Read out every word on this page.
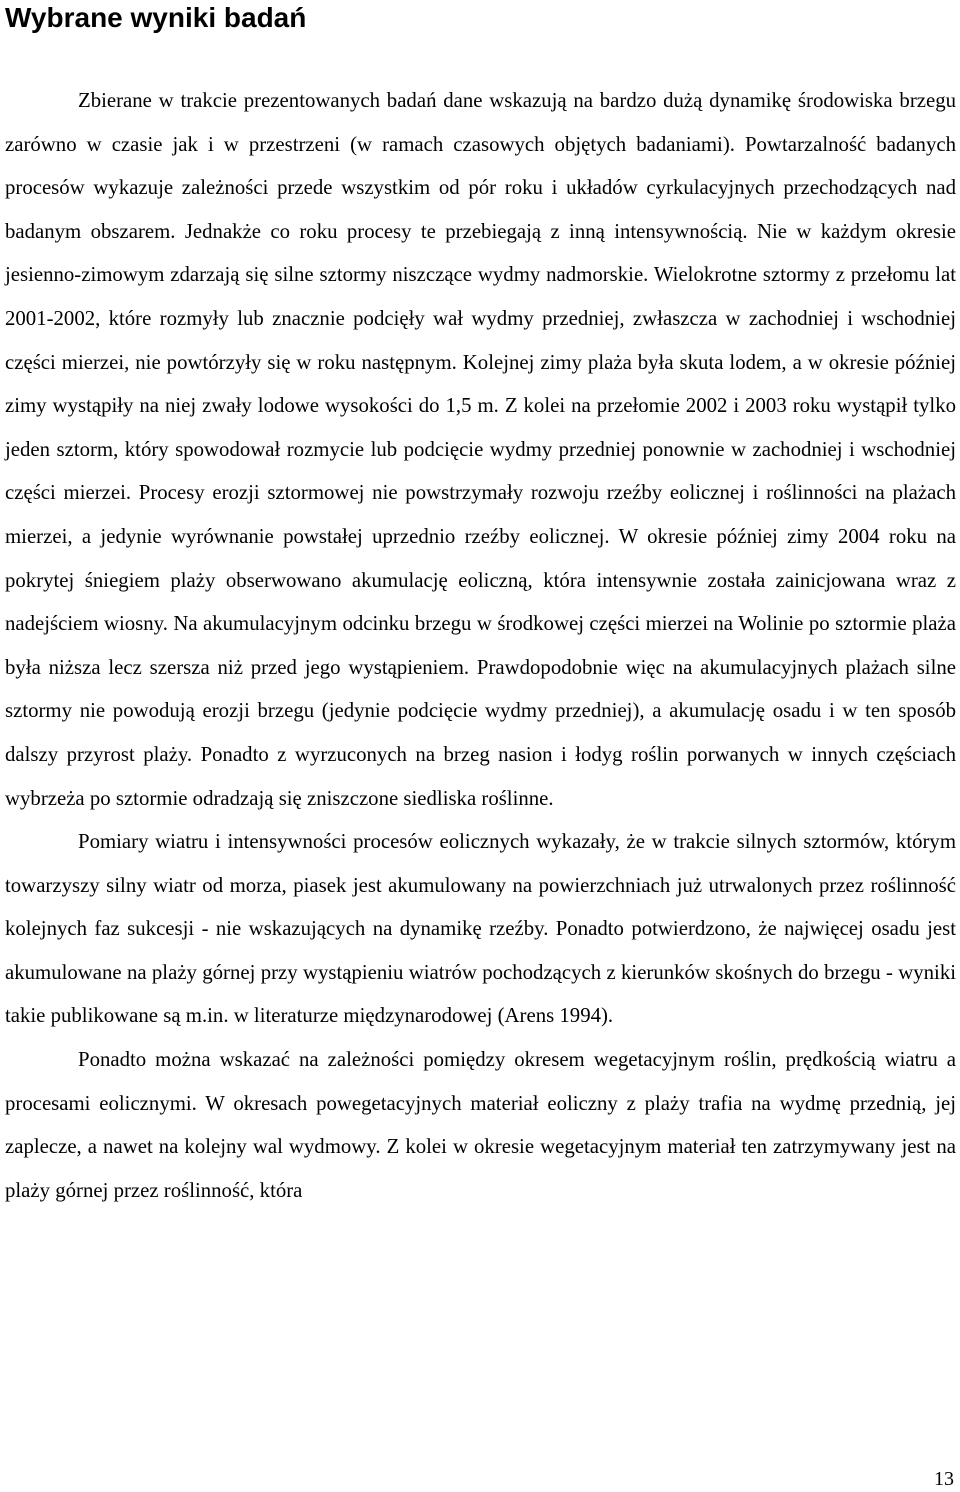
Wybrane wyniki badań

Zbierane w trakcie prezentowanych badań dane wskazują na bardzo dużą dynamikę środowiska brzegu zarówno w czasie jak i w przestrzeni (w ramach czasowych objętych badaniami). Powtarzalność badanych procesów wykazuje zależności przede wszystkim od pór roku i układów cyrkulacyjnych przechodzących nad badanym obszarem. Jednakże co roku procesy te przebiegają z inną intensywnością. Nie w każdym okresie jesienno-zimowym zdarzają się silne sztormy niszczące wydmy nadmorskie. Wielokrotne sztormy z przełomu lat 2001-2002, które rozmyły lub znacznie podcięły wał wydmy przedniej, zwłaszcza w zachodniej i wschodniej części mierzei, nie powtórzyły się w roku następnym. Kolejnej zimy plaża była skuta lodem, a w okresie później zimy wystąpiły na niej zwały lodowe wysokości do 1,5 m. Z kolei na przełomie 2002 i 2003 roku wystąpił tylko jeden sztorm, który spowodował rozmycie lub podcięcie wydmy przedniej ponownie w zachodniej i wschodniej części mierzei. Procesy erozji sztormowej nie powstrzymały rozwoju rzeźby eolicznej i roślinności na plażach mierzei, a jedynie wyrównanie powstałej uprzednio rzeźby eolicznej. W okresie później zimy 2004 roku na pokrytej śniegiem plaży obserwowano akumulację eoliczną, która intensywnie została zainicjowana wraz z nadejściem wiosny. Na akumulacyjnym odcinku brzegu w środkowej części mierzei na Wolinie po sztormie plaża była niższa lecz szersza niż przed jego wystąpieniem. Prawdopodobnie więc na akumulacyjnych plażach silne sztormy nie powodują erozji brzegu (jedynie podcięcie wydmy przedniej), a akumulację osadu i w ten sposób dalszy przyrost plaży. Ponadto z wyrzuconych na brzeg nasion i łodyg roślin porwanych w innych częściach wybrzeża po sztormie odradzają się zniszczone siedliska roślinne.

Pomiary wiatru i intensywności procesów eolicznych wykazały, że w trakcie silnych sztormów, którym towarzyszy silny wiatr od morza, piasek jest akumulowany na powierzchniach już utrwalonych przez roślinność kolejnych faz sukcesji - nie wskazujących na dynamikę rzeźby. Ponadto potwierdzono, że najwięcej osadu jest akumulowane na plaży górnej przy wystąpieniu wiatrów pochodzących z kierunków skośnych do brzegu - wyniki takie publikowane są m.in. w literaturze międzynarodowej (Arens 1994).

Ponadto można wskazać na zależności pomiędzy okresem wegetacyjnym roślin, prędkością wiatru a procesami eolicznymi. W okresach powegetacyjnych materiał eoliczny z plaży trafia na wydmę przednią, jej zaplecze, a nawet na kolejny wal wydmowy. Z kolei w okresie wegetacyjnym materiał ten zatrzymywany jest na plaży górnej przez roślinność, która

13
